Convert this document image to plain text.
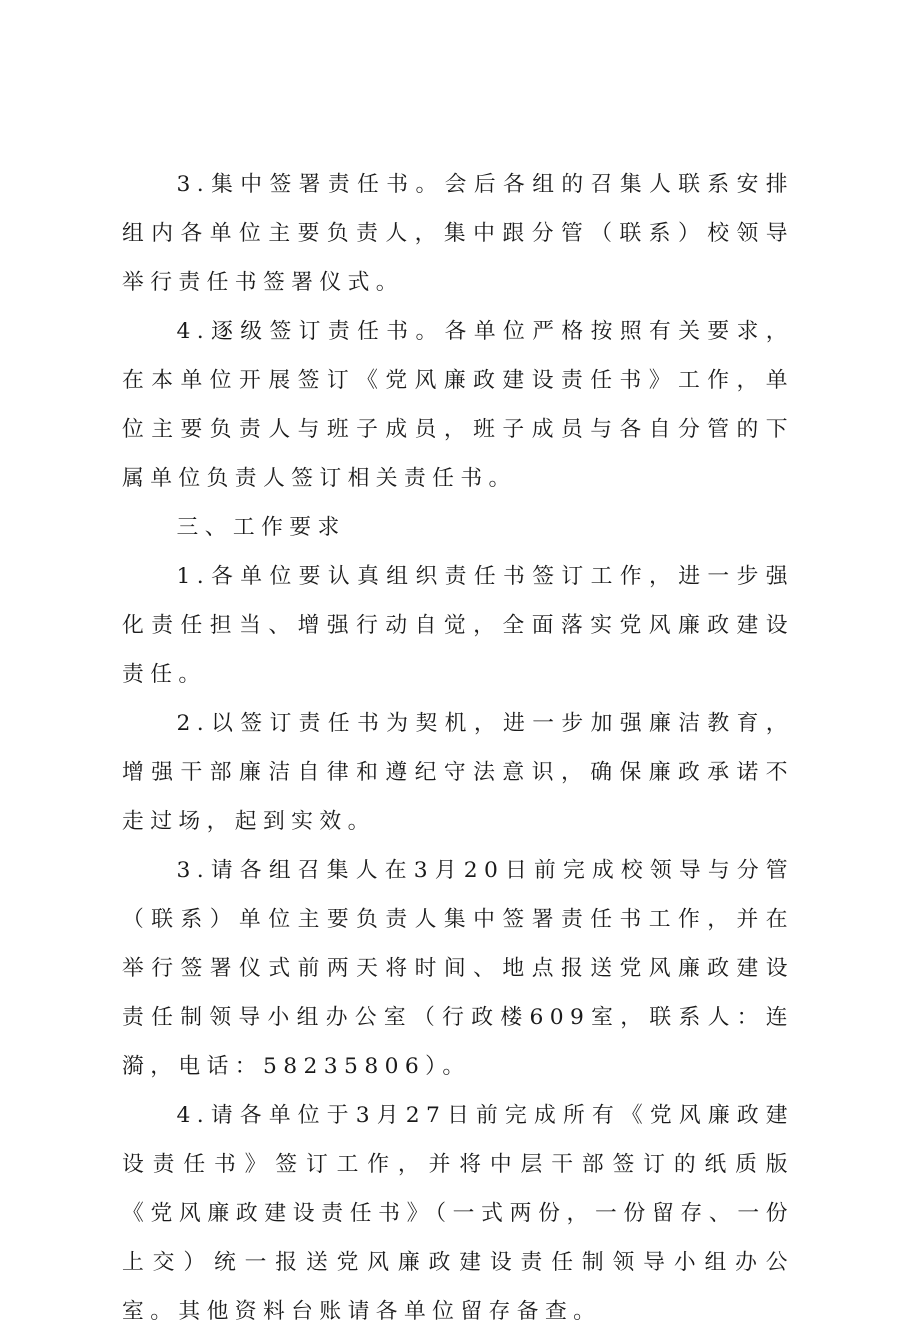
3.集中签署责任书。会后各组的召集人联系安排组内各单位主要负责人，集中跟分管（联系）校领导举行责任书签署仪式。

4.逐级签订责任书。各单位严格按照有关要求，在本单位开展签订《党风廉政建设责任书》工作，单位主要负责人与班子成员，班子成员与各自分管的下属单位负责人签订相关责任书。

三、工作要求

1.各单位要认真组织责任书签订工作，进一步强化责任担当、增强行动自觉，全面落实党风廉政建设责任。

2.以签订责任书为契机，进一步加强廉洁教育，增强干部廉洁自律和遵纪守法意识，确保廉政承诺不走过场，起到实效。

3.请各组召集人在3月20日前完成校领导与分管（联系）单位主要负责人集中签署责任书工作，并在举行签署仪式前两天将时间、地点报送党风廉政建设责任制领导小组办公室（行政楼609室，联系人：连漪，电话：58235806）。

4.请各单位于3月27日前完成所有《党风廉政建设责任书》签订工作，并将中层干部签订的纸质版《党风廉政建设责任书》（一式两份，一份留存、一份上交）统一报送党风廉政建设责任制领导小组办公室。其他资料台账请各单位留存备查。
